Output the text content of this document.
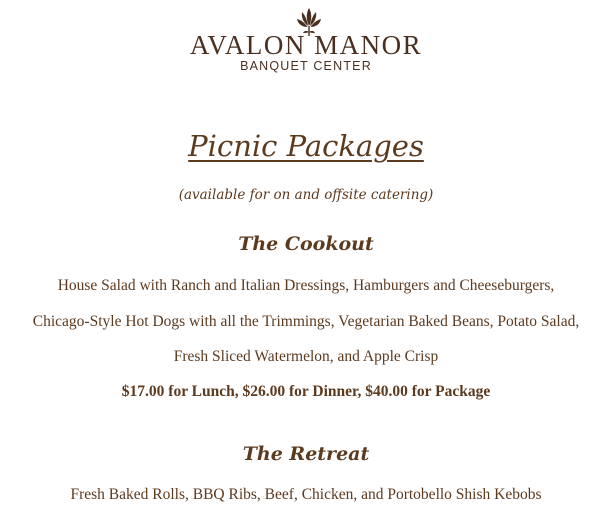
AVALON MANOR
BANQUET CENTER
Picnic Packages
(available for on and offsite catering)
The Cookout
House Salad with Ranch and Italian Dressings, Hamburgers and Cheeseburgers,
Chicago-Style Hot Dogs with all the Trimmings, Vegetarian Baked Beans, Potato Salad,
Fresh Sliced Watermelon, and Apple Crisp
$17.00 for Lunch, $26.00 for Dinner, $40.00 for Package
The Retreat
Fresh Baked Rolls, BBQ Ribs, Beef, Chicken, and Portobello Shish Kebobs
